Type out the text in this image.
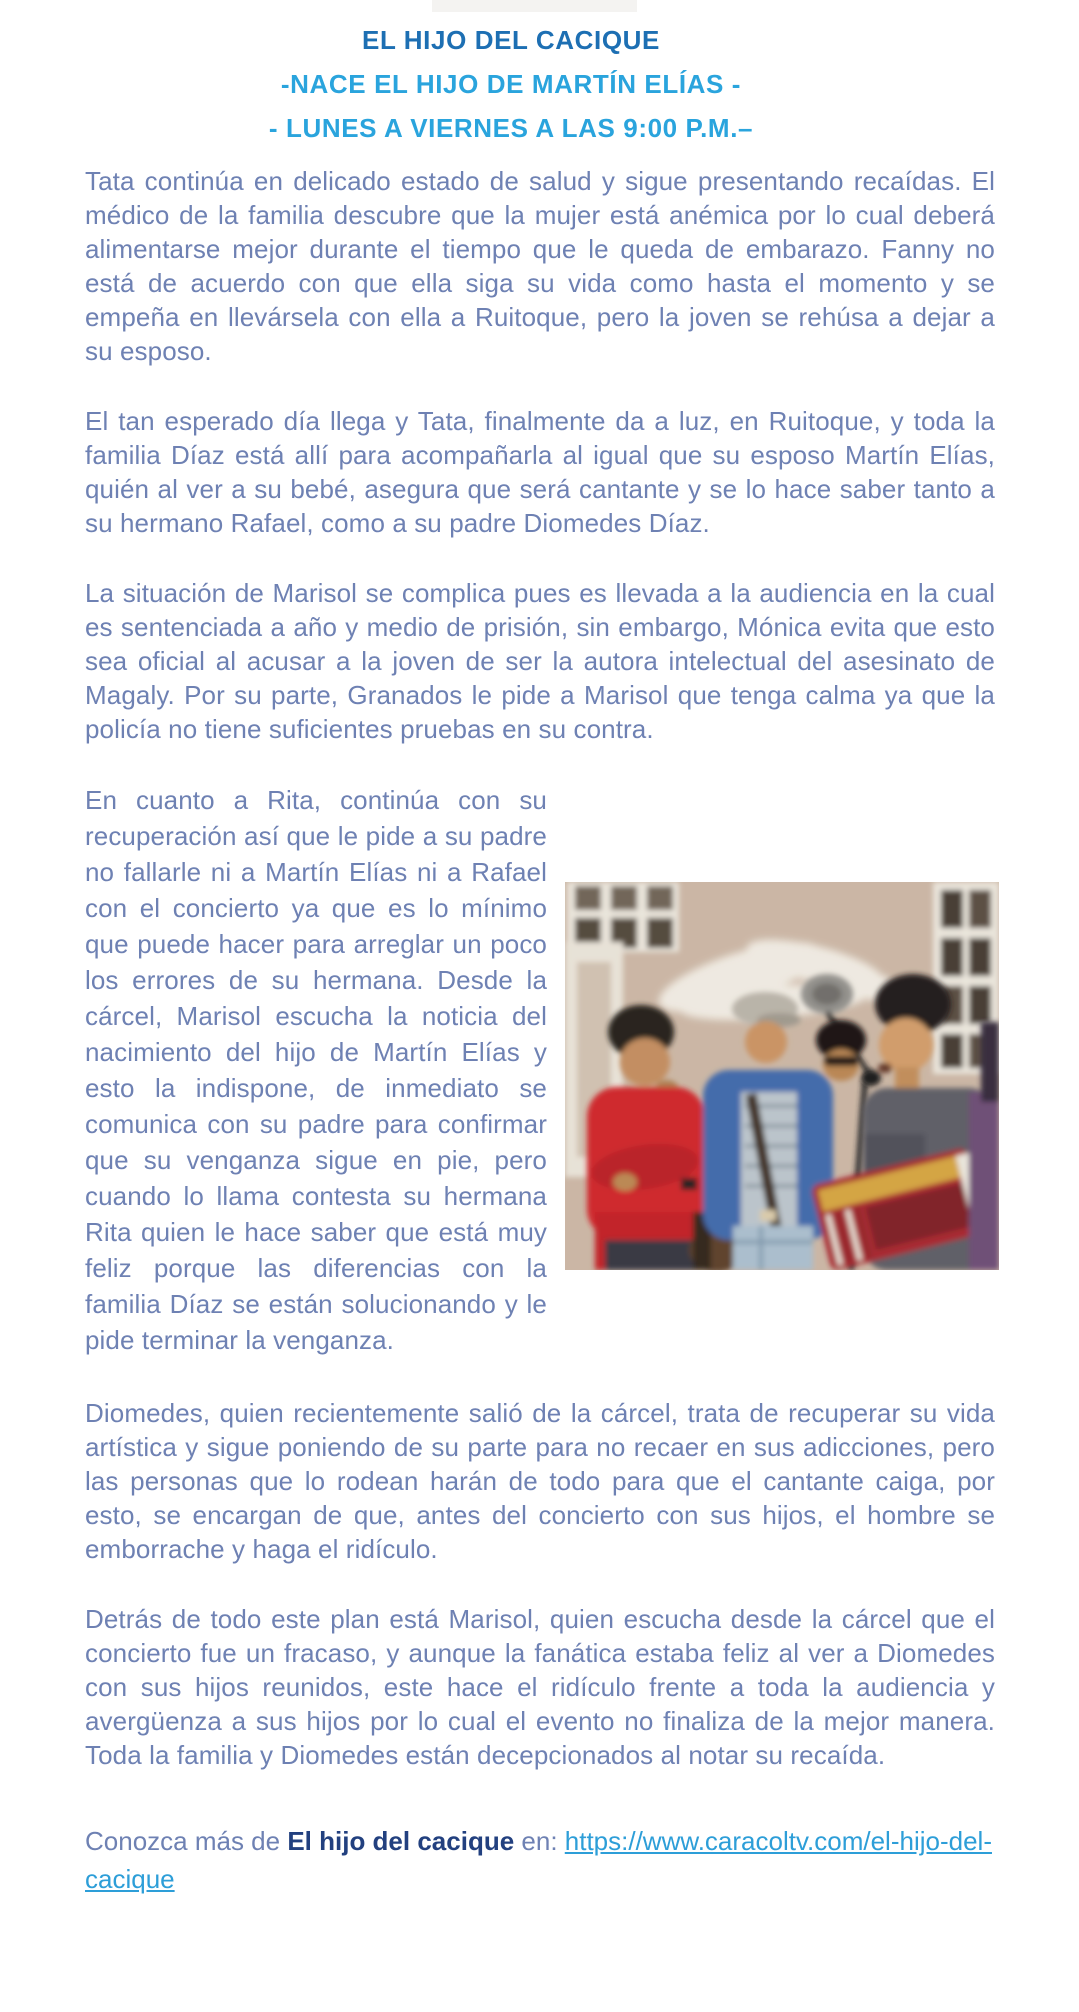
EL HIJO DEL CACIQUE
-NACE EL HIJO DE MARTÍN ELÍAS -
- LUNES A VIERNES A LAS 9:00 P.M.–

Tata continúa en delicado estado de salud y sigue presentando recaídas. El médico de la familia descubre que la mujer está anémica por lo cual deberá alimentarse mejor durante el tiempo que le queda de embarazo. Fanny no está de acuerdo con que ella siga su vida como hasta el momento y se empeña en llevársela con ella a Ruitoque, pero la joven se rehúsa a dejar a su esposo.

El tan esperado día llega y Tata, finalmente da a luz, en Ruitoque, y toda la familia Díaz está allí para acompañarla al igual que su esposo Martín Elías, quién al ver a su bebé, asegura que será cantante y se lo hace saber tanto a su hermano Rafael, como a su padre Diomedes Díaz.

La situación de Marisol se complica pues es llevada a la audiencia en la cual es sentenciada a año y medio de prisión, sin embargo, Mónica evita que esto sea oficial al acusar a la joven de ser la autora intelectual del asesinato de Magaly. Por su parte, Granados le pide a Marisol que tenga calma ya que la policía no tiene suficientes pruebas en su contra.

En cuanto a Rita, continúa con su recuperación así que le pide a su padre no fallarle ni a Martín Elías ni a Rafael con el concierto ya que es lo mínimo que puede hacer para arreglar un poco los errores de su hermana. Desde la cárcel, Marisol escucha la noticia del nacimiento del hijo de Martín Elías y esto la indispone, de inmediato se comunica con su padre para confirmar que su venganza sigue en pie, pero cuando lo llama contesta su hermana Rita quien le hace saber que está muy feliz porque las diferencias con la familia Díaz se están solucionando y le pide terminar la venganza.

Diomedes, quien recientemente salió de la cárcel, trata de recuperar su vida artística y sigue poniendo de su parte para no recaer en sus adicciones, pero las personas que lo rodean harán de todo para que el cantante caiga, por esto, se encargan de que, antes del concierto con sus hijos, el hombre se emborrache y haga el ridículo.

Detrás de todo este plan está Marisol, quien escucha desde la cárcel que el concierto fue un fracaso, y aunque la fanática estaba feliz al ver a Diomedes con sus hijos reunidos, este hace el ridículo frente a toda la audiencia y avergüenza a sus hijos por lo cual el evento no finaliza de la mejor manera. Toda la familia y Diomedes están decepcionados al notar su recaída.

Conozca más de El hijo del cacique en: https://www.caracoltv.com/el-hijo-del-cacique
